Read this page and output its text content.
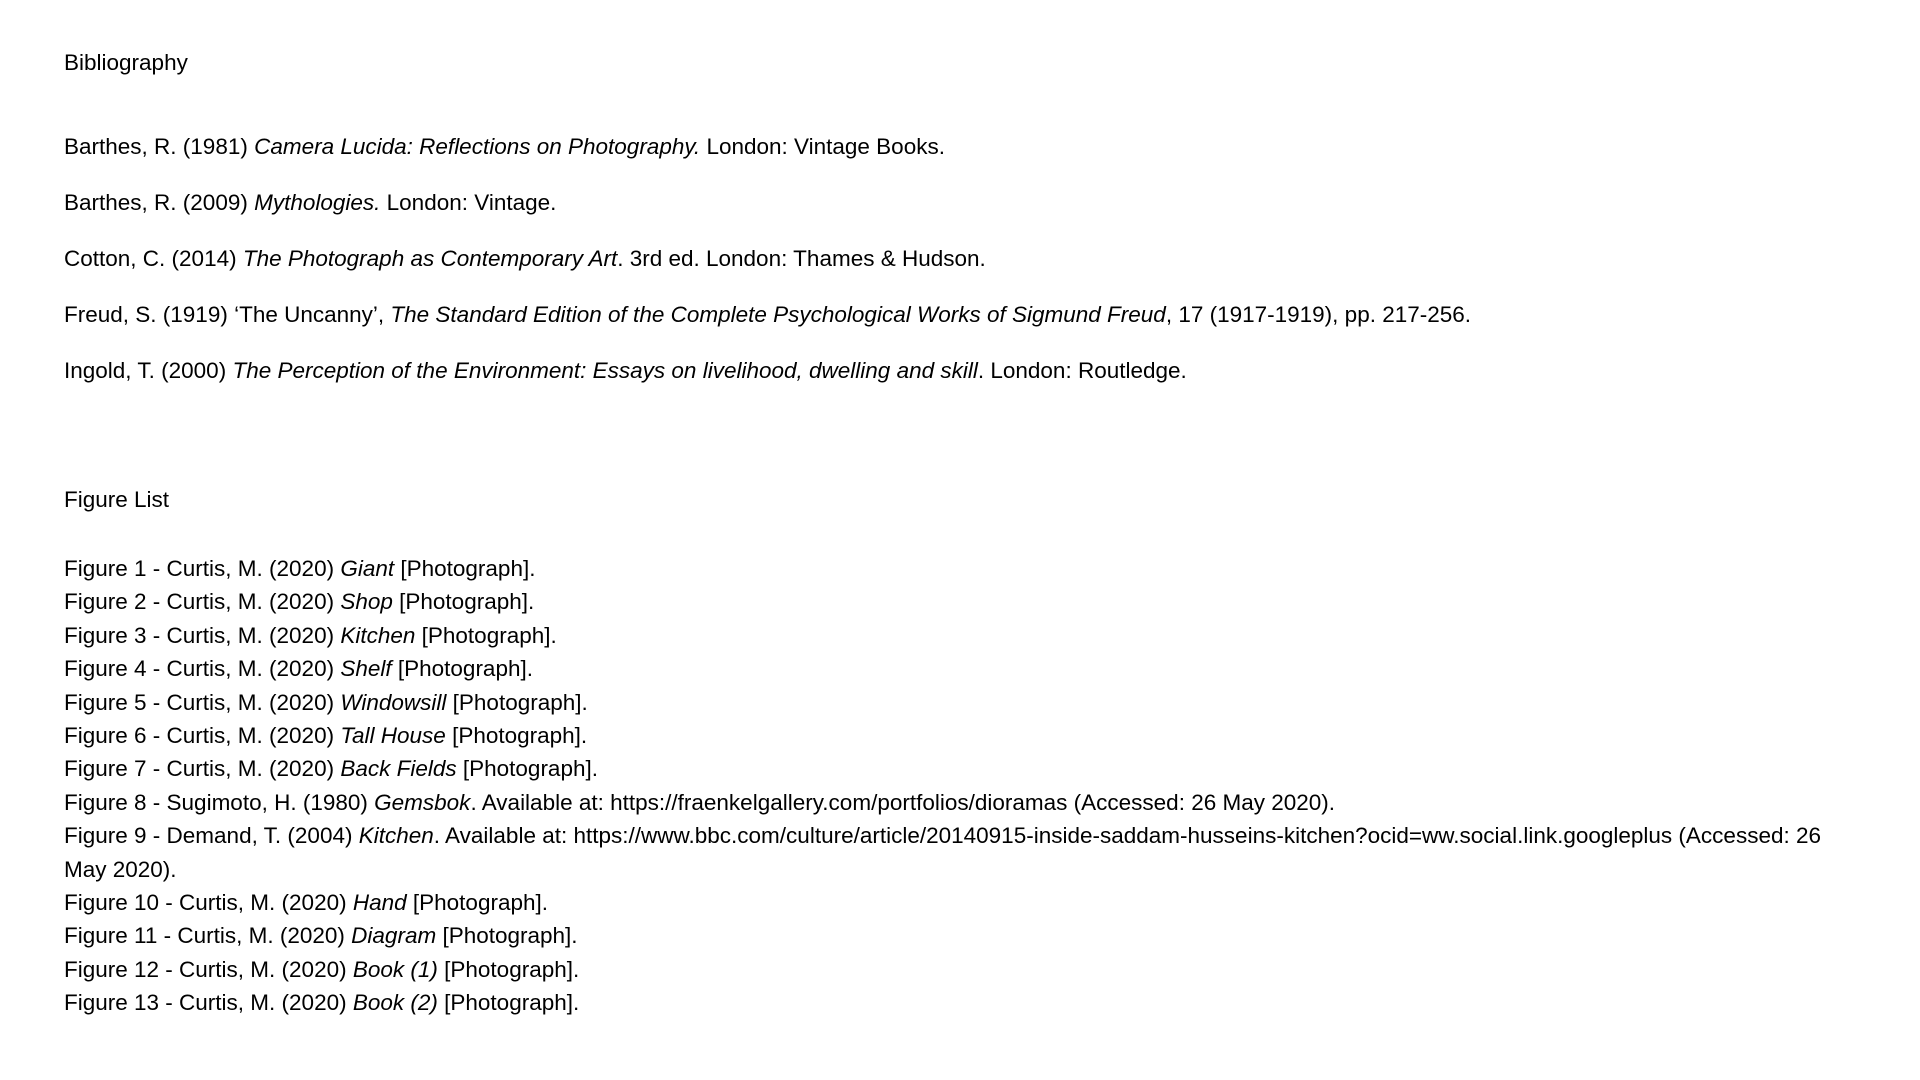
Bibliography

Barthes, R. (1981) Camera Lucida: Reflections on Photography. London: Vintage Books.

Barthes, R. (2009) Mythologies. London: Vintage.

Cotton, C. (2014) The Photograph as Contemporary Art. 3rd ed. London: Thames & Hudson.

Freud, S. (1919) ‘The Uncanny’, The Standard Edition of the Complete Psychological Works of Sigmund Freud, 17 (1917-1919), pp. 217-256.

Ingold, T. (2000) The Perception of the Environment: Essays on livelihood, dwelling and skill. London: Routledge.

Figure List

Figure 1 - Curtis, M. (2020) Giant [Photograph].

Figure 2 - Curtis, M. (2020) Shop [Photograph].

Figure 3 - Curtis, M. (2020) Kitchen [Photograph].

Figure 4 - Curtis, M. (2020) Shelf [Photograph].

Figure 5 - Curtis, M. (2020) Windowsill [Photograph].

Figure 6 - Curtis, M. (2020) Tall House [Photograph].

Figure 7 - Curtis, M. (2020) Back Fields [Photograph].

Figure 8 - Sugimoto, H. (1980) Gemsbok. Available at: https://fraenkelgallery.com/portfolios/dioramas (Accessed: 26 May 2020).

Figure 9 - Demand, T. (2004) Kitchen. Available at: https://www.bbc.com/culture/article/20140915-inside-saddam-husseins-kitchen?ocid=ww.social.link.googleplus (Accessed: 26 May 2020).

Figure 10 - Curtis, M. (2020) Hand [Photograph].

Figure 11 - Curtis, M. (2020) Diagram [Photograph].

Figure 12 - Curtis, M. (2020) Book (1) [Photograph].

Figure 13 - Curtis, M. (2020) Book (2) [Photograph].
